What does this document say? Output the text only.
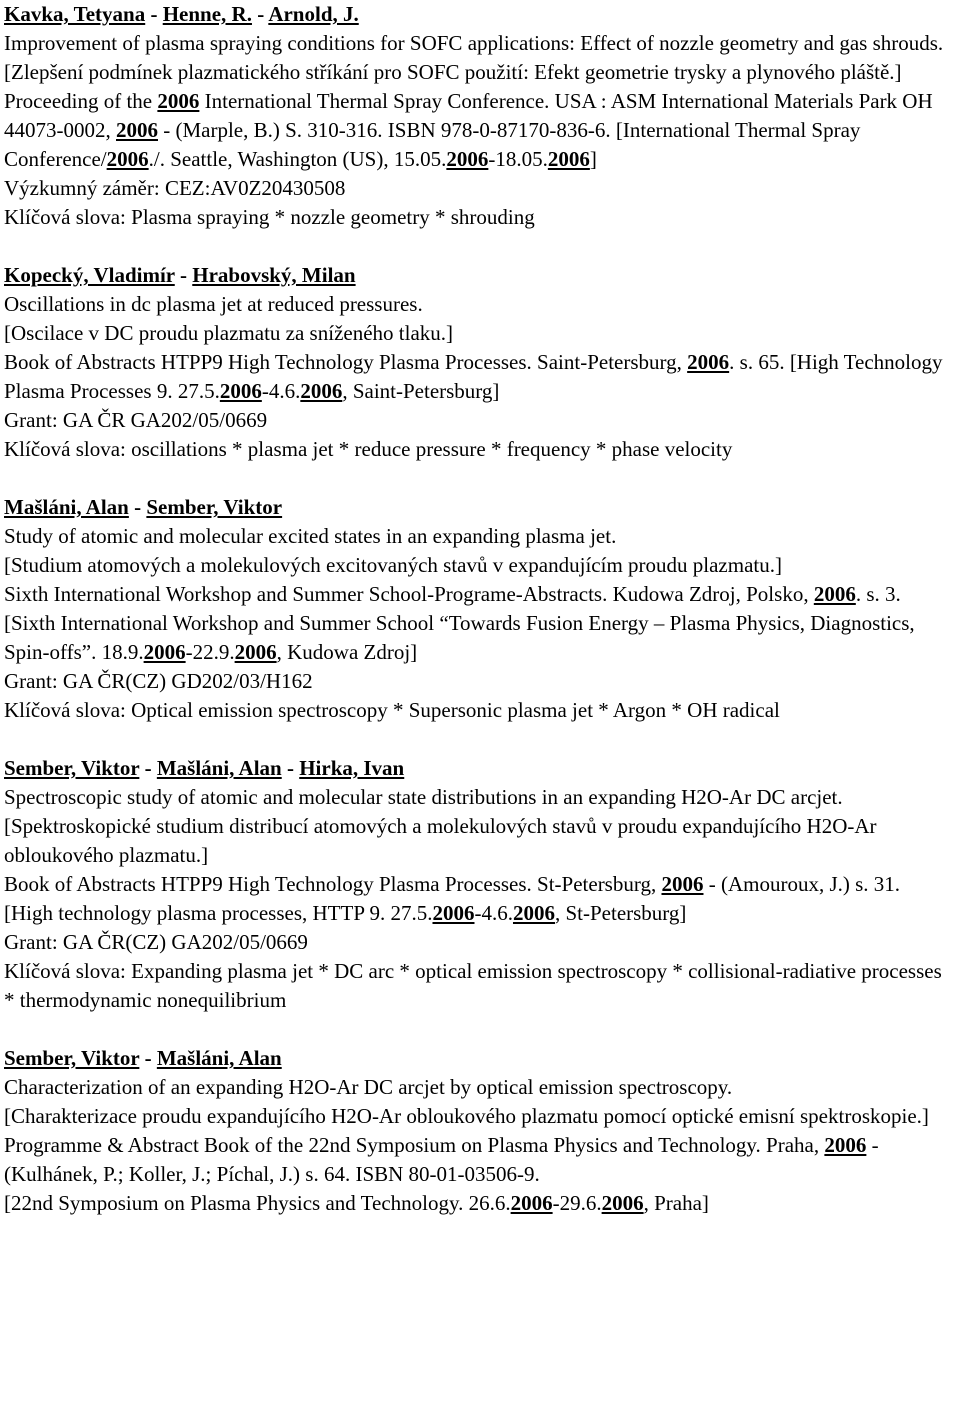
Kavka, Tetyana - Henne, R. - Arnold, J.
Improvement of plasma spraying conditions for SOFC applications: Effect of nozzle geometry and gas shrouds.
[Zlepšení podmínek plazmatického stříkání pro SOFC použití: Efekt geometrie trysky a plynového pláště.]
Proceeding of the 2006 International Thermal Spray Conference. USA : ASM International Materials Park OH 44073-0002, 2006 - (Marple, B.) S. 310-316. ISBN 978-0-87170-836-6. [International Thermal Spray Conference/2006./. Seattle, Washington (US), 15.05.2006-18.05.2006]
Výzkumný záměr: CEZ:AV0Z20430508
Klíčová slova: Plasma spraying * nozzle geometry * shrouding
Kopecký, Vladimír - Hrabovský, Milan
Oscillations in dc plasma jet at reduced pressures.
[Oscilace v DC proudu plazmatu za sníženého tlaku.]
Book of Abstracts HTPP9 High Technology Plasma Processes. Saint-Petersburg, 2006. s. 65. [High Technology Plasma Processes 9. 27.5.2006-4.6.2006, Saint-Petersburg]
Grant: GA ČR GA202/05/0669
Klíčová slova: oscillations * plasma jet * reduce pressure * frequency * phase velocity
Mašláni, Alan - Sember, Viktor
Study of atomic and molecular excited states in an expanding plasma jet.
[Studium atomových a molekulových excitovaných stavů v expandujícím proudu plazmatu.]
Sixth International Workshop and Summer School-Programe-Abstracts. Kudowa Zdroj, Polsko, 2006. s. 3.
[Sixth International Workshop and Summer School “Towards Fusion Energy – Plasma Physics, Diagnostics, Spin-offs”. 18.9.2006-22.9.2006, Kudowa Zdroj]
Grant: GA ČR(CZ) GD202/03/H162
Klíčová slova: Optical emission spectroscopy * Supersonic plasma jet * Argon * OH radical
Sember, Viktor - Mašláni, Alan - Hirka, Ivan
Spectroscopic study of atomic and molecular state distributions in an expanding H2O-Ar DC arcjet.
[Spektroskopické studium distribucí atomových a molekulových stavů v proudu expandujícího H2O-Ar obloukového plazmatu.]
Book of Abstracts HTPP9 High Technology Plasma Processes. St-Petersburg, 2006 - (Amouroux, J.) s. 31.
[High technology plasma processes, HTTP 9. 27.5.2006-4.6.2006, St-Petersburg]
Grant: GA ČR(CZ) GA202/05/0669
Klíčová slova: Expanding plasma jet * DC arc * optical emission spectroscopy * collisional-radiative processes * thermodynamic nonequilibrium
Sember, Viktor - Mašláni, Alan
Characterization of an expanding H2O-Ar DC arcjet by optical emission spectroscopy.
[Charakterizace proudu expandujícího H2O-Ar obloukového plazmatu pomocí optické emisní spektroskopie.]
Programme & Abstract Book of the 22nd Symposium on Plasma Physics and Technology. Praha, 2006 - (Kulhánek, P.; Koller, J.; Píchal, J.) s. 64. ISBN 80-01-03506-9.
[22nd Symposium on Plasma Physics and Technology. 26.6.2006-29.6.2006, Praha]
